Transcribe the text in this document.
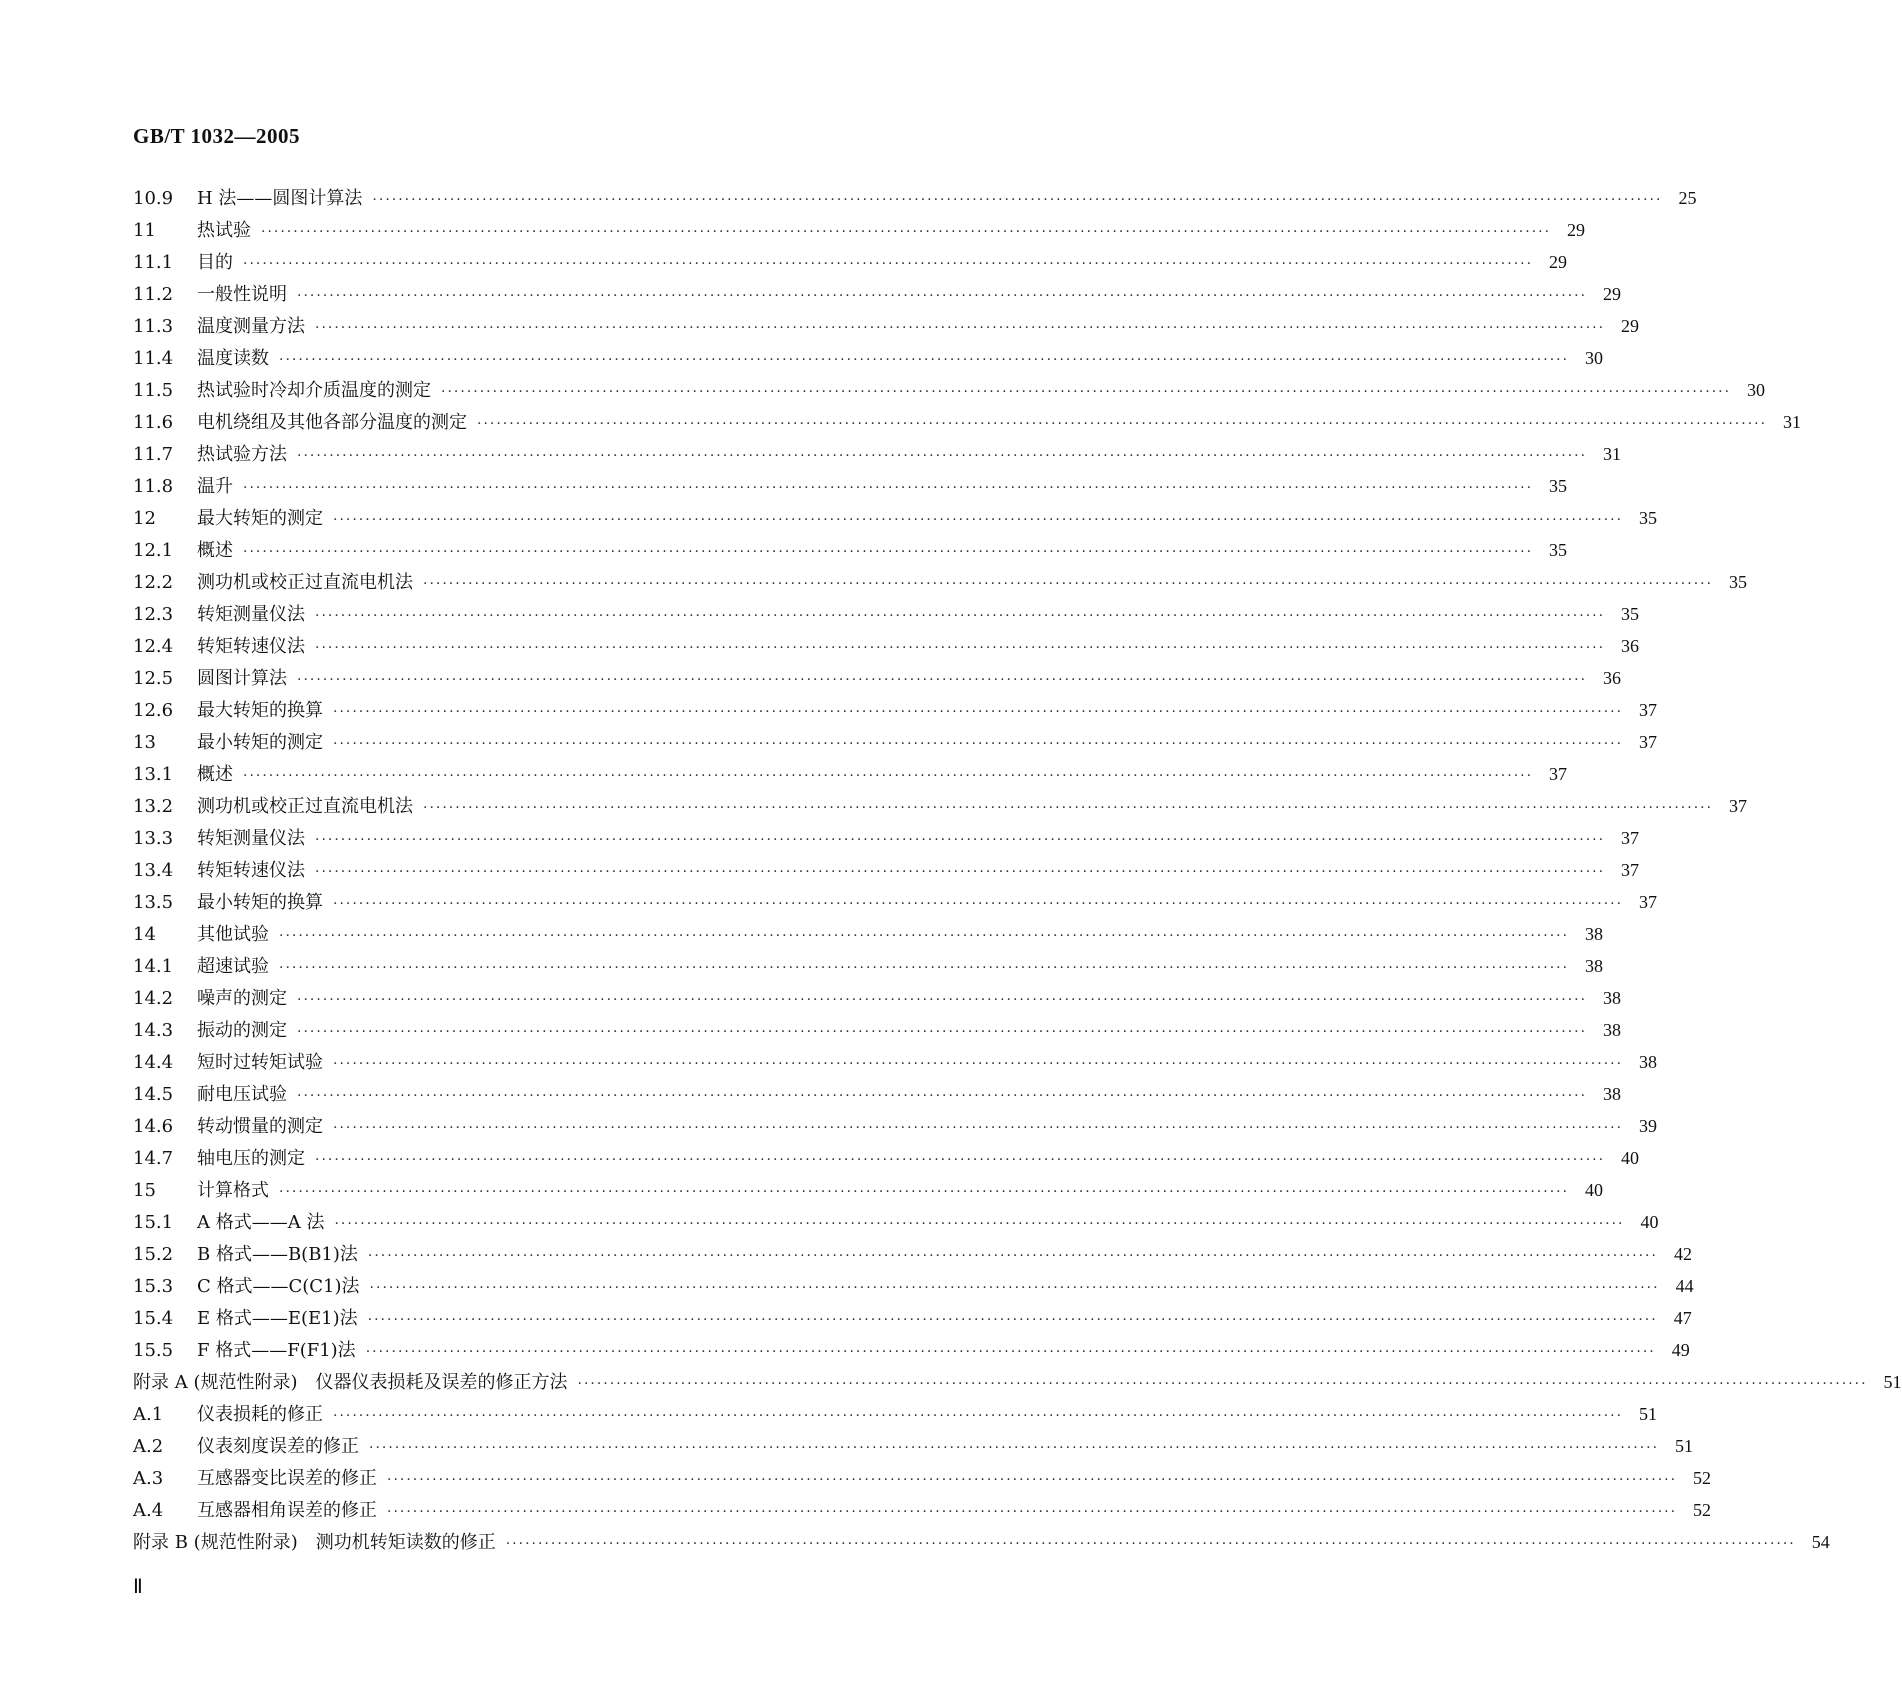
GB/T 1032—2005
10.9	H 法——圆图计算法 ········································································································································································································ 25
11	热试验 ········································································································································································································ 29
11.1	目的 ········································································································································································································ 29
11.2	一般性说明 ········································································································································································································ 29
11.3	温度测量方法 ········································································································································································································ 29
11.4	温度读数 ········································································································································································································ 30
11.5	热试验时冷却介质温度的测定 ········································································································································································································ 30
11.6	电机绕组及其他各部分温度的测定 ········································································································································································································ 31
11.7	热试验方法 ········································································································································································································ 31
11.8	温升 ········································································································································································································ 35
12	最大转矩的测定 ········································································································································································································ 35
12.1	概述 ········································································································································································································ 35
12.2	测功机或校正过直流电机法 ········································································································································································································ 35
12.3	转矩测量仪法 ········································································································································································································ 35
12.4	转矩转速仪法 ········································································································································································································ 36
12.5	圆图计算法 ········································································································································································································ 36
12.6	最大转矩的换算 ········································································································································································································ 37
13	最小转矩的测定 ········································································································································································································ 37
13.1	概述 ········································································································································································································ 37
13.2	测功机或校正过直流电机法 ········································································································································································································ 37
13.3	转矩测量仪法 ········································································································································································································ 37
13.4	转矩转速仪法 ········································································································································································································ 37
13.5	最小转矩的换算 ········································································································································································································ 37
14	其他试验 ········································································································································································································ 38
14.1	超速试验 ········································································································································································································ 38
14.2	噪声的测定 ········································································································································································································ 38
14.3	振动的测定 ········································································································································································································ 38
14.4	短时过转矩试验 ········································································································································································································ 38
14.5	耐电压试验 ········································································································································································································ 38
14.6	转动惯量的测定 ········································································································································································································ 39
14.7	轴电压的测定 ········································································································································································································ 40
15	计算格式 ········································································································································································································ 40
15.1	A 格式——A 法 ········································································································································································································ 40
15.2	B 格式——B(B1)法 ········································································································································································································ 42
15.3	C 格式——C(C1)法 ········································································································································································································ 44
15.4	E 格式——E(E1)法 ········································································································································································································ 47
15.5	F 格式——F(F1)法 ········································································································································································································ 49
附录 A (规范性附录)　仪器仪表损耗及误差的修正方法 ········································································································································································································ 51
A.1	仪表损耗的修正 ········································································································································································································ 51
A.2	仪表刻度误差的修正 ········································································································································································································ 51
A.3	互感器变比误差的修正 ········································································································································································································ 52
A.4	互感器相角误差的修正 ········································································································································································································ 52
附录 B (规范性附录)　测功机转矩读数的修正 ········································································································································································································ 54
Ⅱ
